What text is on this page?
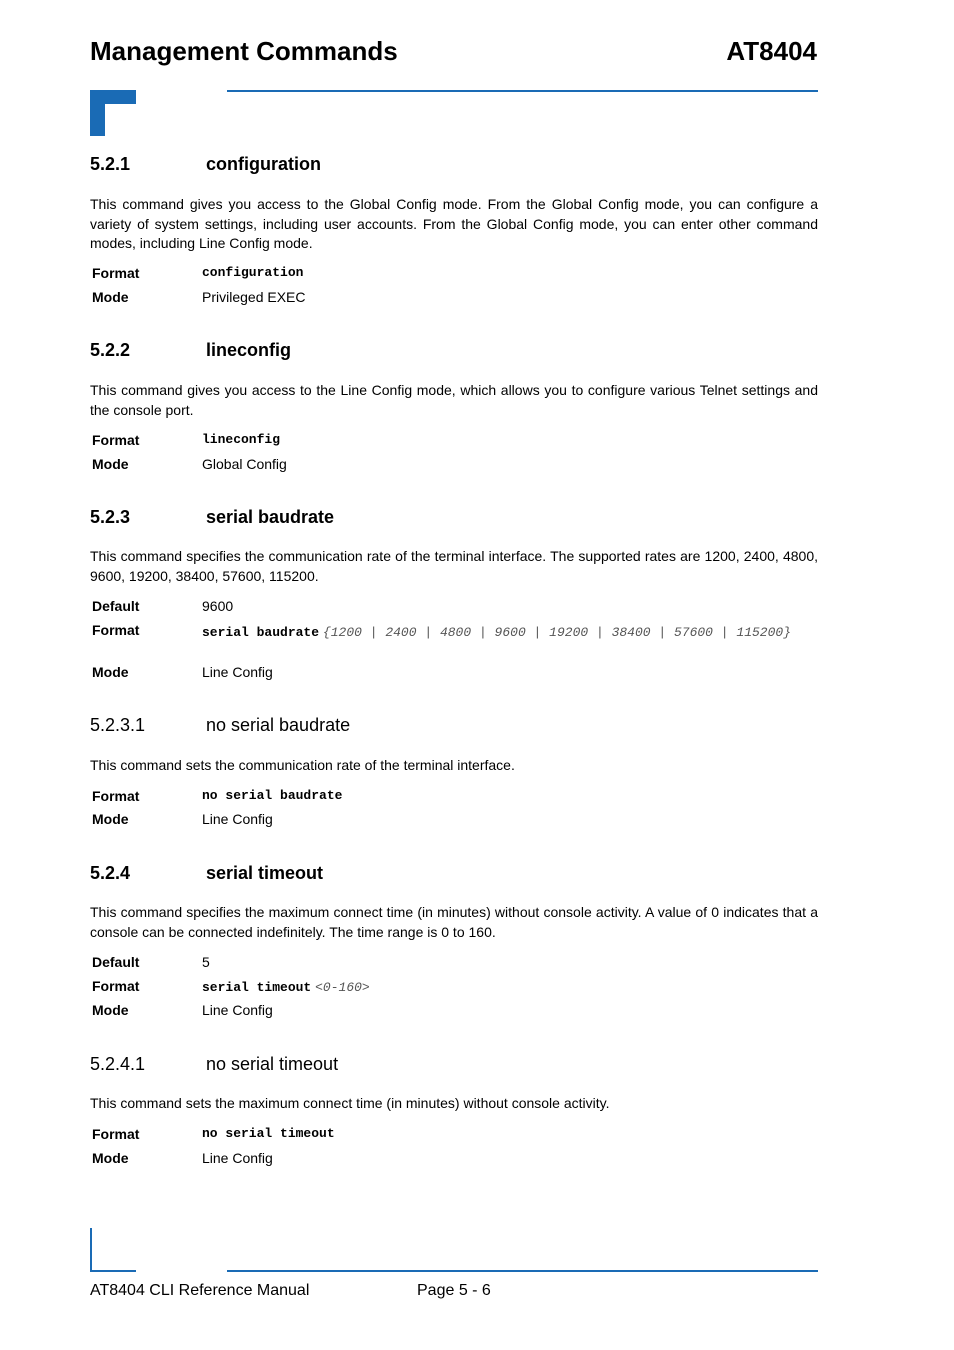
Management Commands	AT8404
5.2.1	configuration
This command gives you access to the Global Config mode. From the Global Config mode, you can configure a variety of system settings, including user accounts. From the Global Config mode, you can enter other command modes, including Line Config mode.
Format	configuration
Mode	Privileged EXEC
5.2.2	lineconfig
This command gives you access to the Line Config mode, which allows you to configure various Telnet settings and the console port.
Format	lineconfig
Mode	Global Config
5.2.3	serial baudrate
This command specifies the communication rate of the terminal interface. The supported rates are 1200, 2400, 4800, 9600, 19200, 38400, 57600, 115200.
Default	9600
Format	serial baudrate {1200 | 2400 | 4800 | 9600 | 19200 | 38400 | 57600 | 115200}
Mode	Line Config
5.2.3.1	no serial baudrate
This command sets the communication rate of the terminal interface.
Format	no serial baudrate
Mode	Line Config
5.2.4	serial timeout
This command specifies the maximum connect time (in minutes) without console activity. A value of 0 indicates that a console can be connected indefinitely. The time range is 0 to 160.
Default	5
Format	serial timeout <0-160>
Mode	Line Config
5.2.4.1	no serial timeout
This command sets the maximum connect time (in minutes) without console activity.
Format	no serial timeout
Mode	Line Config
AT8404 CLI Reference Manual	Page 5 - 6
